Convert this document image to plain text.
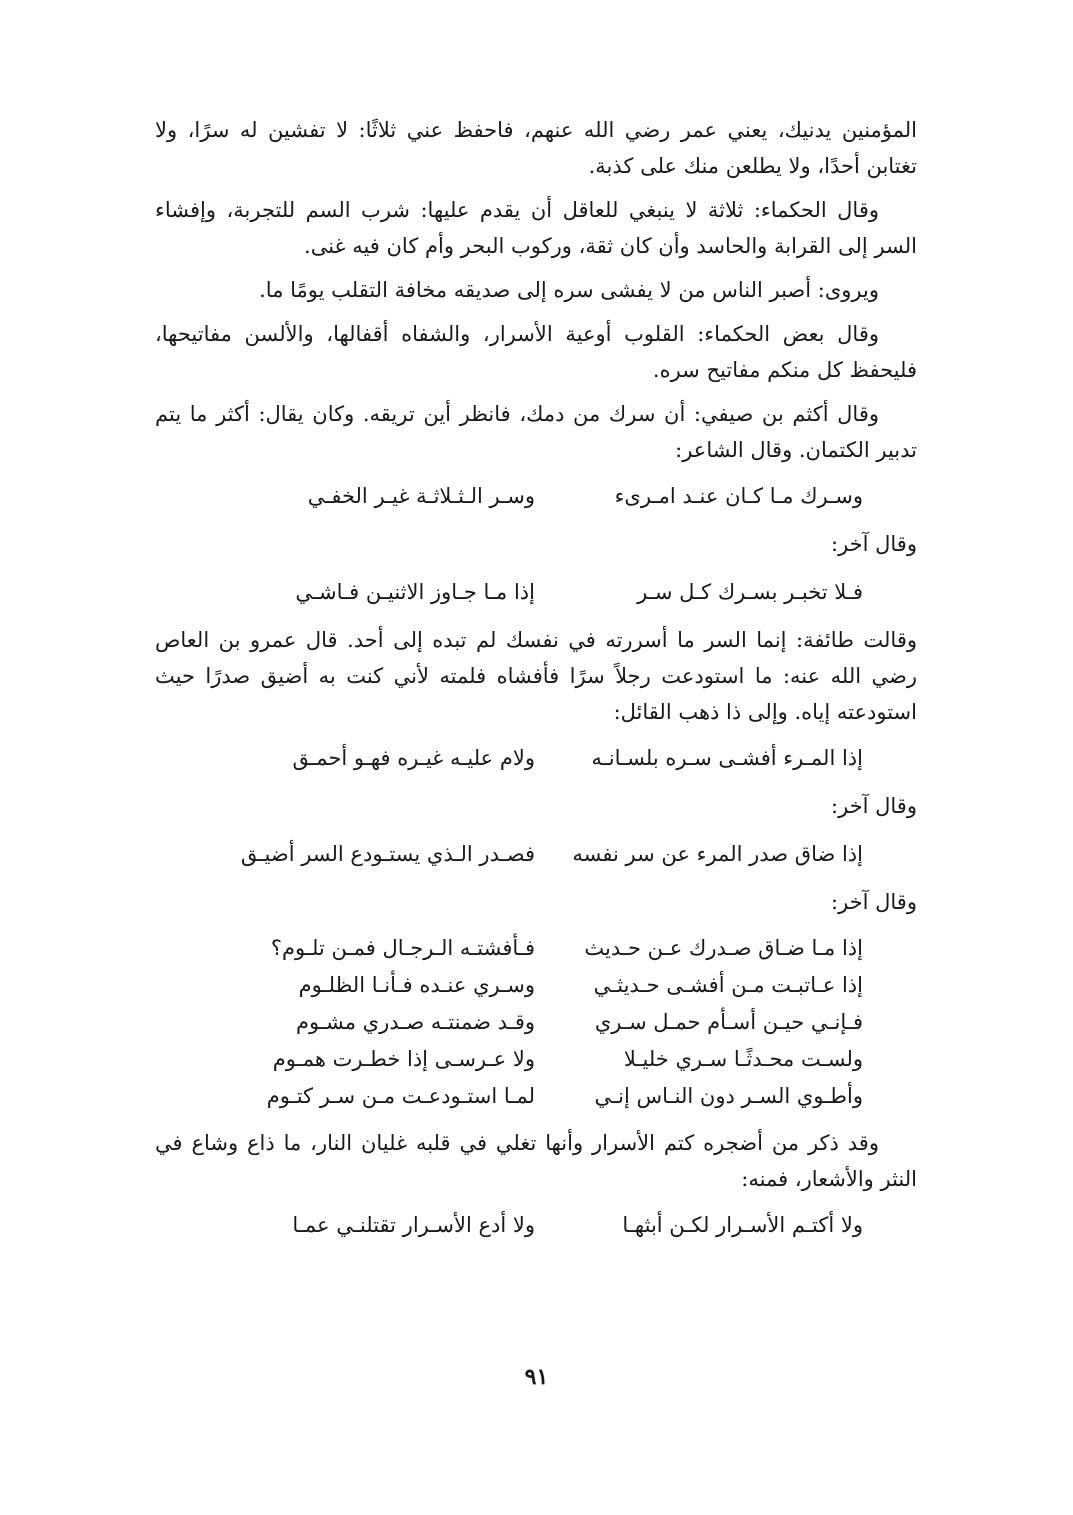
المؤمنين يدنيك، يعني عمر رضي الله عنهم، فاحفظ عني ثلاثًا: لا تفشين له سرًا، ولا تغتابن أحدًا، ولا يطلعن منك على كذبة.

وقال الحكماء: ثلاثة لا ينبغي للعاقل أن يقدم عليها: شرب السم للتجربة، وإفشاء السر إلى القرابة والحاسد وأن كان ثقة، وركوب البحر وأم كان فيه غنى.

ويروى: أصبر الناس من لا يفشى سره إلى صديقه مخافة التقلب يومًا ما.

وقال بعض الحكماء: القلوب أوعية الأسرار، والشفاه أقفالها، والألسن مفاتيحها، فليحفظ كل منكم مفاتيح سره.

وقال أكثم بن صيفي: أن سرك من دمك، فانظر أين تريقه. وكان يقال: أكثر ما يتم تدبير الكتمان. وقال الشاعر:

وسـرك مـا كـان عنـد امـرىء
وسـر الـثـلاثـة غيـر الخفـي

وقال آخر:

فـلا تخبـر بسـرك كـل سـر
إذا مـا جـاوز الاثنيـن فـاشـي

وقالت طائفة: إنما السر ما أسررته في نفسك لم تبده إلى أحد. قال عمرو بن العاص رضي الله عنه: ما استودعت رجلاً سرًا فأفشاه فلمته لأني كنت به أضيق صدرًا حيث استودعته إياه. وإلى ذا ذهب القائل:

إذا المـرء أفشـى سـره بلسـانـه
ولام عليـه غيـره فهـو أحمـق

وقال آخر:

إذا ضاق صدر المرء عن سر نفسه
فصـدر الـذي يستـودع السر أضيـق

وقال آخر:

إذا مـا ضـاق صـدرك عـن حـديث
فـأفشتـه الـرجـال فمـن تلـوم؟
إذا عـاتبـت مـن أفشـى حـديثـي
وسـري عنـده فـأنـا الظلـوم
فـإنـي حيـن أسـأم حمـل سـري
وقـد ضمنتـه صـدري مشـوم
ولسـت محـدثًـا سـري خليـلا
ولا عـرسـى إذا خطـرت همـوم
وأطـوي السـر دون النـاس إنـي
لمـا استـودعـت مـن سـر كتـوم

وقد ذكر من أضجره كتم الأسرار وأنها تغلي في قلبه غليان النار، ما ذاع وشاع في النثر والأشعار، فمنه:

ولا أكتـم الأسـرار لكـن أبثهـا
ولا أدع الأسـرار تقتلنـي عمـا
٩١
